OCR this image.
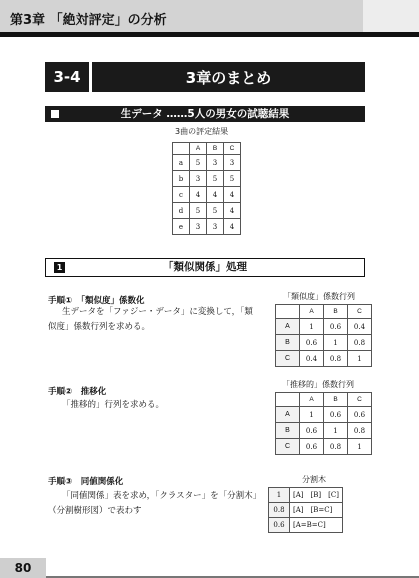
第3章 「絶対評定」の分析
3-4	3章のまとめ
生データ ……5人の男女の試聴結果
3曲の評定結果
	A	B	C
a	5	3	3
b	3	5	5
c	4	4	4
d	5	5	4
e	3	3	4
1	「類似関係」処理
手順①　「類似度」係数化
生データを「ファジー・データ」に変換して，「類
似度」係数行列を求める。
「類似度」係数行列
	A	B	C
A	1	0.6	0.4
B	0.6	1	0.8
C	0.4	0.8	1
手順②　推移化
「推移的」行列を求める。
「推移的」係数行列
	A	B	C
A	1	0.6	0.6
B	0.6	1	0.8
C	0.6	0.8	1
手順③　同値関係化
「同値関係」表を求め，「クラスター」を「分割木」
（分割樹形図）で表わす
分割木
1	[A]　[B]　[C]
0.8	[A]　[B=C]
0.6	[A=B=C]
80
